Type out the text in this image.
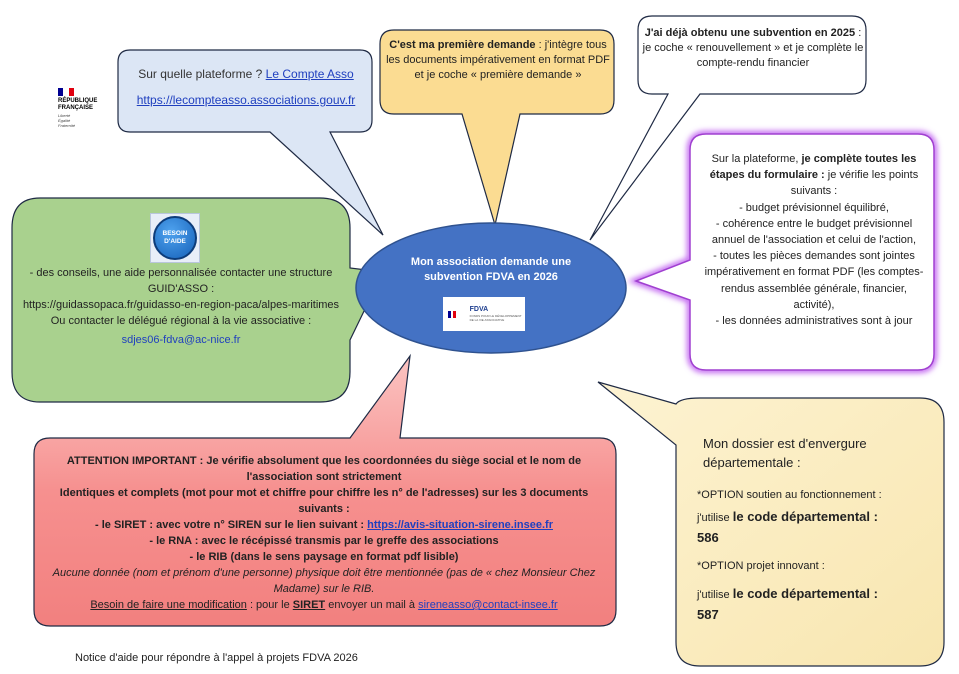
RÉPUBLIQUE
FRANÇAISE
Liberté
Égalité
Fraternité

Sur quelle plateforme ? Le Compte Asso

https://lecompteasso.associations.gouv.fr

C'est ma première demande : j'intègre tous les documents impérativement en format PDF et je coche « première demande »

J'ai déjà obtenu une subvention en 2025 : je coche « renouvellement » et je complète le compte-rendu financier

Sur la plateforme, je complète toutes les étapes du formulaire : je vérifie les points suivants :

- budget prévisionnel équilibré,

- cohérence entre le budget prévisionnel annuel de l'association et celui de l'action,

- toutes les pièces demandes sont jointes impérativement en format PDF (les comptes- rendus assemblée générale, financier, activité),

- les données administratives sont à jour

Mon association demande une subvention FDVA en 2026
FDVA
FONDS POUR LE DÉVELOPPEMENT DE LA VIE ASSOCIATIVE
BESOIN D'AIDE

- des conseils, une aide personnalisée contacter une structure GUID'ASSO :

https://guidassopaca.fr/guidasso-en-region-paca/alpes-maritimes

Ou contacter le délégué régional à la vie associative :

sdjes06-fdva@ac-nice.fr

ATTENTION IMPORTANT : Je vérifie absolument que les coordonnées du siège social et le nom de l'association sont strictement

Identiques et complets (mot pour mot et chiffre pour chiffre les n° de l'adresses) sur les 3 documents suivants :

- le SIRET : avec votre n° SIREN sur le lien suivant : https://avis-situation-sirene.insee.fr

- le RNA : avec le récépissé transmis par le greffe des associations

- le RIB (dans le sens paysage en format pdf lisible)

Aucune donnée (nom et prénom d'une personne) physique doit être mentionnée (pas de « chez Monsieur Chez Madame) sur le RIB.

Besoin de faire une modification : pour le SIRET envoyer un mail à sireneasso@contact-insee.fr

Mon dossier est d'envergure départementale :

*OPTION soutien au fonctionnement :

j'utilise le code départemental :

586

*OPTION projet innovant :

j'utilise le code départemental :

587

Notice d'aide pour répondre à l'appel à projets FDVA 2026
